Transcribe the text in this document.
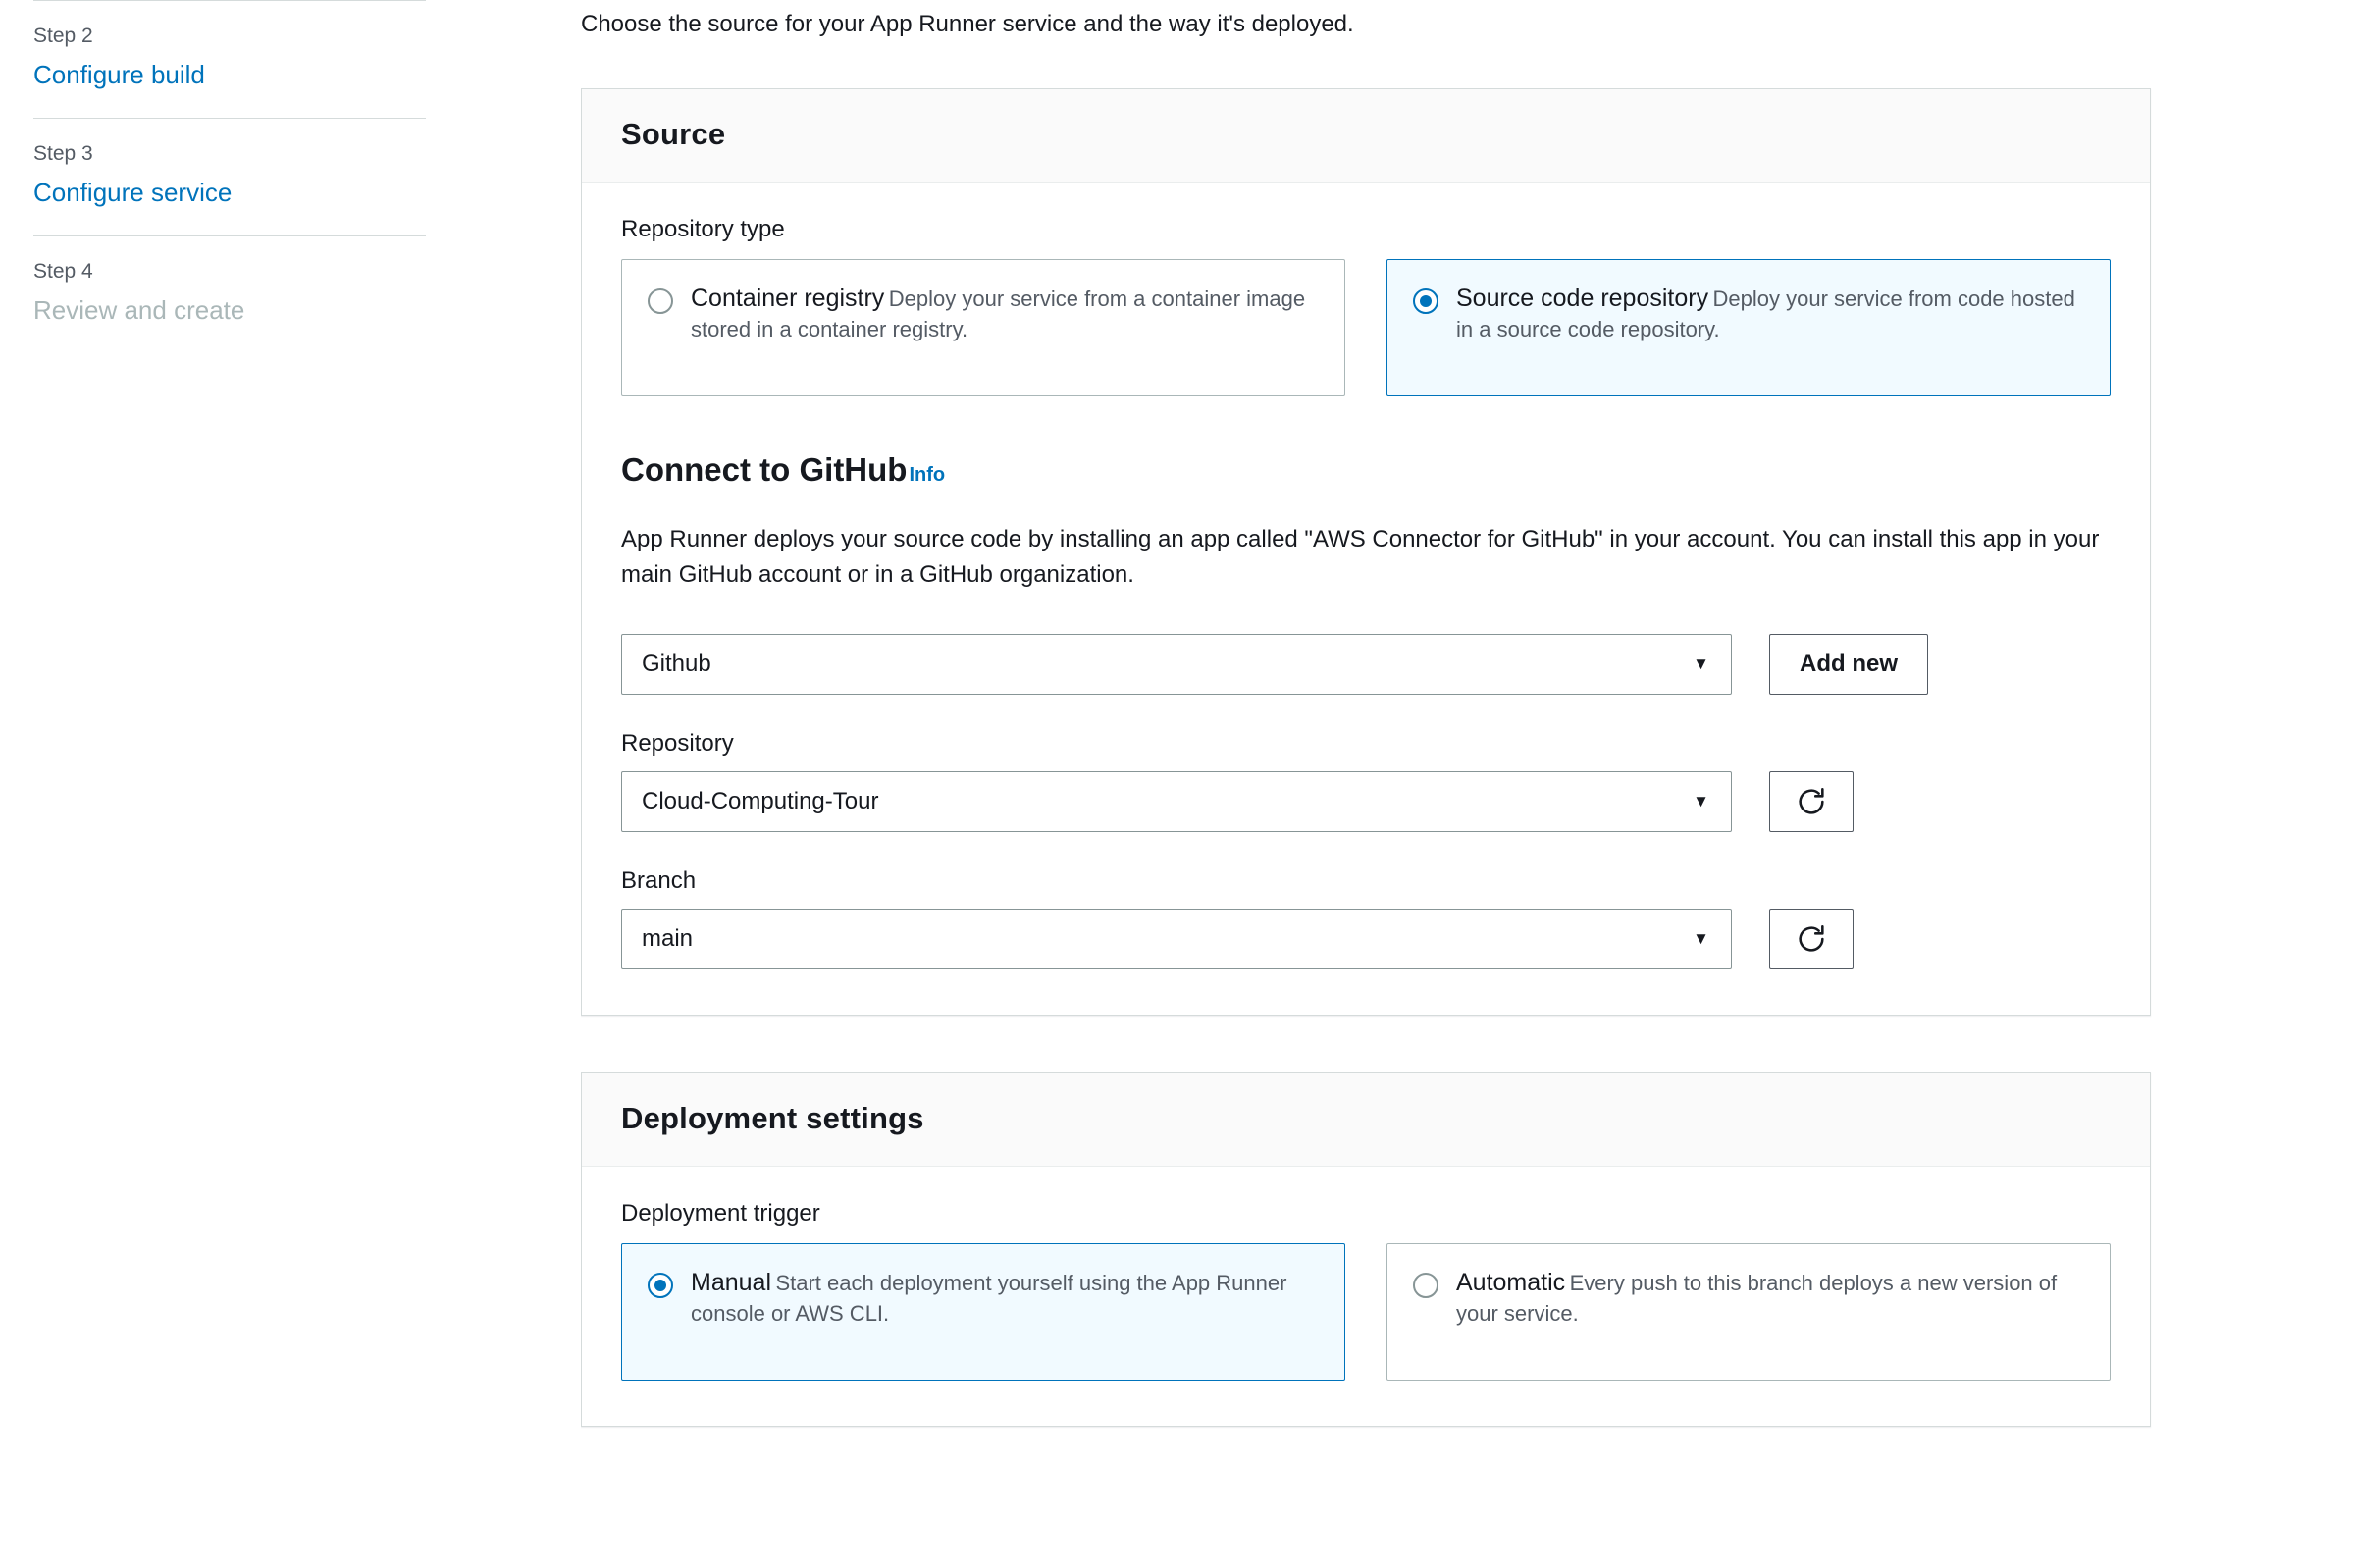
Step 2
Configure build
Step 3
Configure service
Step 4
Review and create
Choose the source for your App Runner service and the way it's deployed.
Source
Repository type
Container registry Deploy your service from a container image stored in a container registry.
Source code repository Deploy your service from code hosted in a source code repository.
Connect to GitHub Info
App Runner deploys your source code by installing an app called "AWS Connector for GitHub" in your account. You can install this app in your main GitHub account or in a GitHub organization.
Github	▼	Add new
Repository
Cloud-Computing-Tour	▼
Branch
main	▼
Deployment settings
Deployment trigger
Manual Start each deployment yourself using the App Runner console or AWS CLI.
Automatic Every push to this branch deploys a new version of your service.
